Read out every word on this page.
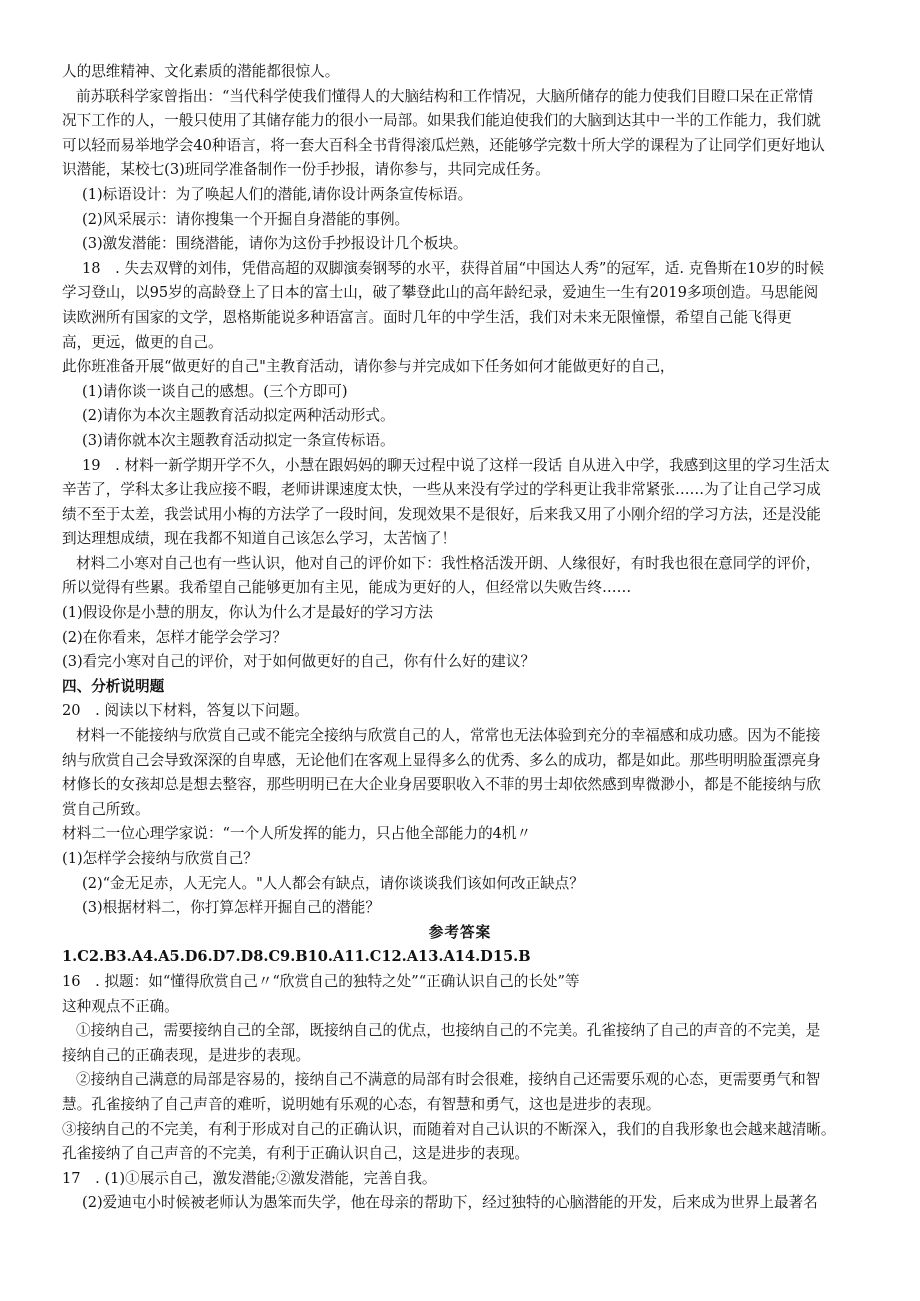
人的思维精神、文化素质的潜能都很惊人。
前苏联科学家曾指出：“当代科学使我们懂得人的大脑结构和工作情况，大脑所储存的能力使我们目瞪口呆在正常情
况下工作的人，一般只使用了其储存能力的很小一局部。如果我们能迫使我们的大脑到达其中一半的工作能力，我们就
可以轻而易举地学会40种语言，将一套大百科全书背得滚瓜烂熟，还能够学完数十所大学的课程为了让同学们更好地认
识潜能，某校七(3)班同学准备制作一份手抄报，请你参与，共同完成任务。
(1)标语设计：为了唤起人们的潜能,请你设计两条宣传标语。
(2)风采展示：请你搜集一个开掘自身潜能的事例。
(3)激发潜能：围绕潜能，请你为这份手抄报设计几个板块。
18　. 失去双臂的刘伟，凭借高超的双脚演奏钢琴的水平，获得首届“中国达人秀”的冠军，适. 克鲁斯在10岁的时候
学习登山，以95岁的高龄登上了日本的富士山，破了攀登此山的高年龄纪录，爱迪生一生有2019多项创造。马思能阅
读欧洲所有国家的文学，恩格斯能说多种语富言。面时几年的中学生活，我们对未来无限憧憬，希望自己能飞得更
高，更远，做更的自己。
此你班准备开展“做更好的自己"主教育活动，请你参与并完成如下任务如何才能做更好的自己，
(1)请你谈一谈自己的感想。(三个方即可)
(2)请你为本次主题教育活动拟定两种活动形式。
(3)请你就本次主题教育活动拟定一条宣传标语。
19　. 材料一新学期开学不久，小慧在跟妈妈的聊天过程中说了这样一段话 自从进入中学，我感到这里的学习生活太
辛苦了，学科太多让我应接不暇，老师讲课速度太快，一些从来没有学过的学科更让我非常紧张……为了让自己学习成
绩不至于太差，我尝试用小梅的方法学了一段时间，发现效果不是很好，后来我又用了小刚介绍的学习方法，还是没能
到达理想成绩，现在我都不知道自己该怎么学习，太苦恼了！
材料二小寒对自己也有一些认识，他对自己的评价如下：我性格活泼开朗、人缘很好，有时我也很在意同学的评价，
所以觉得有些累。我希望自己能够更加有主见，能成为更好的人，但经常以失败告终……
(1)假设你是小慧的朋友，你认为什么才是最好的学习方法
(2)在你看来，怎样才能学会学习？
(3)看完小寒对自己的评价，对于如何做更好的自己，你有什么好的建议？
四、分析说明题
20　. 阅读以下材料，答复以下问题。
材料一不能接纳与欣赏自己或不能完全接纳与欣赏自己的人，常常也无法体验到充分的幸福感和成功感。因为不能接
纳与欣赏自己会导致深深的自卑感，无论他们在客观上显得多么的优秀、多么的成功，都是如此。那些明明脸蛋漂亮身
材修长的女孩却总是想去整容，那些明明已在大企业身居要职收入不菲的男士却依然感到卑微渺小，都是不能接纳与欣
赏自己所致。
材料二一位心理学家说：“一个人所发挥的能力，只占他全部能力的4机〃
(1)怎样学会接纳与欣赏自己？
(2)“金无足赤，人无完人。"人人都会有缺点，请你谈谈我们该如何改正缺点？
(3)根据材料二，你打算怎样开掘自己的潜能？
参考答案
1.C2.B3.A4.A5.D6.D7.D8.C9.B10.A11.C12.A13.A14.D15.B
16　. 拟题：如“懂得欣赏自己〃“欣赏自己的独特之处”“正确认识自己的长处”等
这种观点不正确。
①接纳自己，需要接纳自己的全部，既接纳自己的优点，也接纳自己的不完美。孔雀接纳了自己的声音的不完美，是
接纳自己的正确表现，是进步的表现。
②接纳自己满意的局部是容易的，接纳自己不满意的局部有时会很难，接纳自己还需要乐观的心态，更需要勇气和智
慧。孔雀接纳了自己声音的难听，说明她有乐观的心态，有智慧和勇气，这也是进步的表现。
③接纳自己的不完美，有利于形成对自己的正确认识，而随着对自己认识的不断深入，我们的自我形象也会越来越清晰。
孔雀接纳了自己声音的不完美，有利于正确认识自己，这是进步的表现。
17　. (1)①展示自己，激发潜能;②激发潜能，完善自我。
(2)爱迪屯小时候被老师认为愚笨而失学，他在母亲的帮助下，经过独特的心脑潜能的开发，后来成为世界上最著名
